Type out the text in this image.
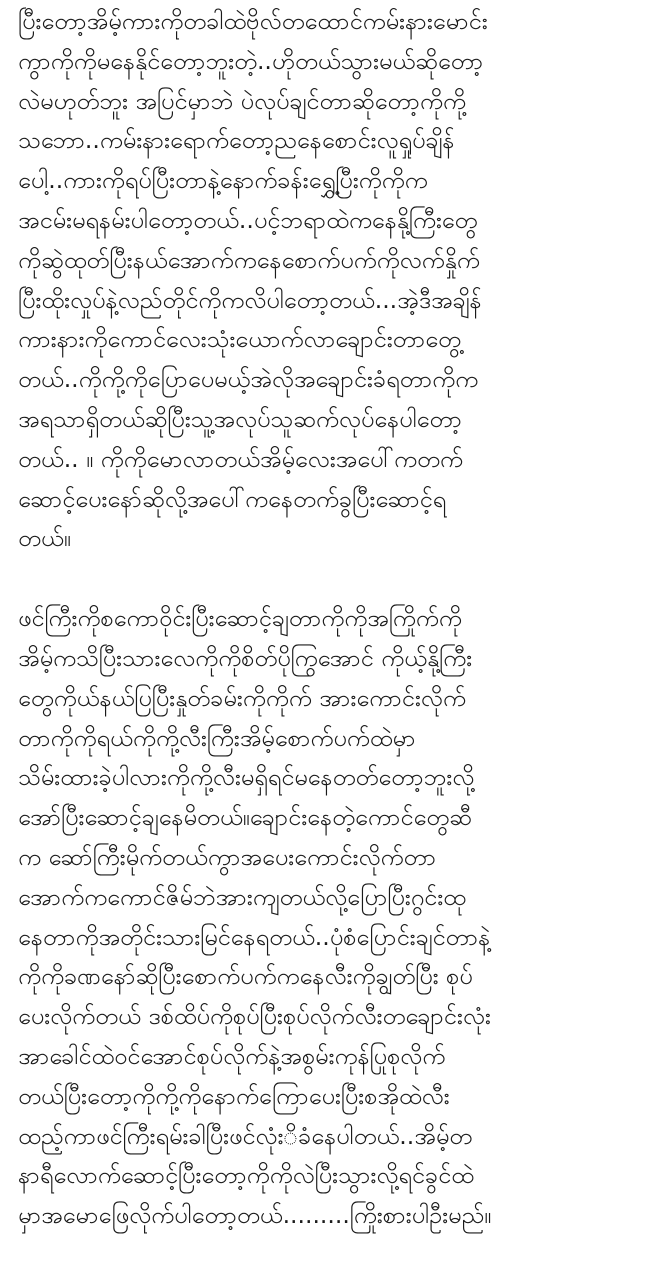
ပြီးတော့အိမ့်ကားကိုတခါထဲဗိုလ်တထောင်ကမ်းနားမောင်း
ကွာကိုကိုမနေနိုင်တော့ဘူးတဲ့..ဟိုတယ်သွားမယ်ဆိုတော့
လဲမဟုတ်ဘူး အပြင်မှာဘဲ ပဲလုပ်ချင်တာဆိုတော့ကိုကို့
သဘော..ကမ်းနားရောက်တော့ညနေစောင်းလူရှုပ်ချိန်
ပေါ့..ကားကိုရပ်ပြီးတာနဲ့နောက်ခန်းရွှေ့ပြီးကိုကိုက
အငမ်းမရနမ်းပါတော့တယ်..ပင့်ဘရာထဲကနေနို့ကြီးတွေ
ကိုဆွဲထုတ်ပြီးနယ်အောက်ကနေစောက်ပက်ကိုလက်နှိုက်
ပြီးထိုးလှုပ်နဲ့လည်တိုင်ကိုကလိပါတော့တယ်...အဲ့ဒီအချိန်
ကားနားကိုကောင်လေးသုံးယောက်လာချောင်းတာတွေ့
တယ်..ကိုကို့ကိုပြောပေမယ့်အဲလိုအချောင်းခံရတာကိုက
အရသာရှိတယ်ဆိုပြီးသူ့အလုပ်သူဆက်လုပ်နေပါတော့
တယ်.. ။ ကိုကိုမောလာတယ်အိမ့်လေးအပေါ်ကတက်
ဆောင့်ပေးနော်ဆိုလို့အပေါ်ကနေတက်ခွပြီးဆောင့်ရ
တယ်။
ဖင်ကြီးကိုစကောဝိုင်းပြီးဆောင့်ချတာကိုကိုအကြိုက်ကို
အိမ့်ကသိပြီးသားလေကိုကိုစိတ်ပိုကြွအောင် ကိုယ့်နို့ကြီး
တွေကိုယ်နယ်ပြပြီးနှုတ်ခမ်းကိုကိုက် အားကောင်းလိုက်
တာကိုကိုရယ်ကိုကို့လီးကြီးအိမ့်စောက်ပက်ထဲမှာ
သိမ်းထားခဲ့ပါလားကိုကို့လီးမရှိရင်မနေတတ်တော့ဘူးလို့
အော်ပြီးဆောင့်ချနေမိတယ်။ချောင်းနေတဲ့ကောင်တွေဆီ
က ဆော်ကြီးမိုက်တယ်ကွာအပေးကောင်းလိုက်တာ
အောက်ကကောင်ဇိမ်ဘဲအားကျတယ်လို့ပြောပြီးဂွင်းထု
နေတာကိုအတိုင်းသားမြင်နေရတယ်..ပုံစံပြောင်းချင်တာနဲ့
ကိုကိုခဏနော်ဆိုပြီးစောက်ပက်ကနေလီးကိုချွတ်ပြီး စုပ်
ပေးလိုက်တယ် ဒစ်ထိပ်ကိုစုပ်ပြီးစုပ်လိုက်လီးတချောင်းလုံး
အာခေါင်ထဲဝင်အောင်စုပ်လိုက်နဲ့အစွမ်းကုန်ပြုစုလိုက်
တယ်ပြီးတော့ကိုကို့ကိုနောက်ကြောပေးပြီးစအိုထဲလီး
ထည့်ကာဖင်ကြီးရမ်းခါပြီးဖင်လုံးိခံနေပါတယ်..အိမ့်တ
နာရီလောက်ဆောင့်ပြီးတော့ကိုကိုလဲပြီးသွားလို့ရင်ခွင်ထဲ
မှာအမောဖြေလိုက်ပါတော့တယ်.........ကြိုးစားပါဦးမည်။
